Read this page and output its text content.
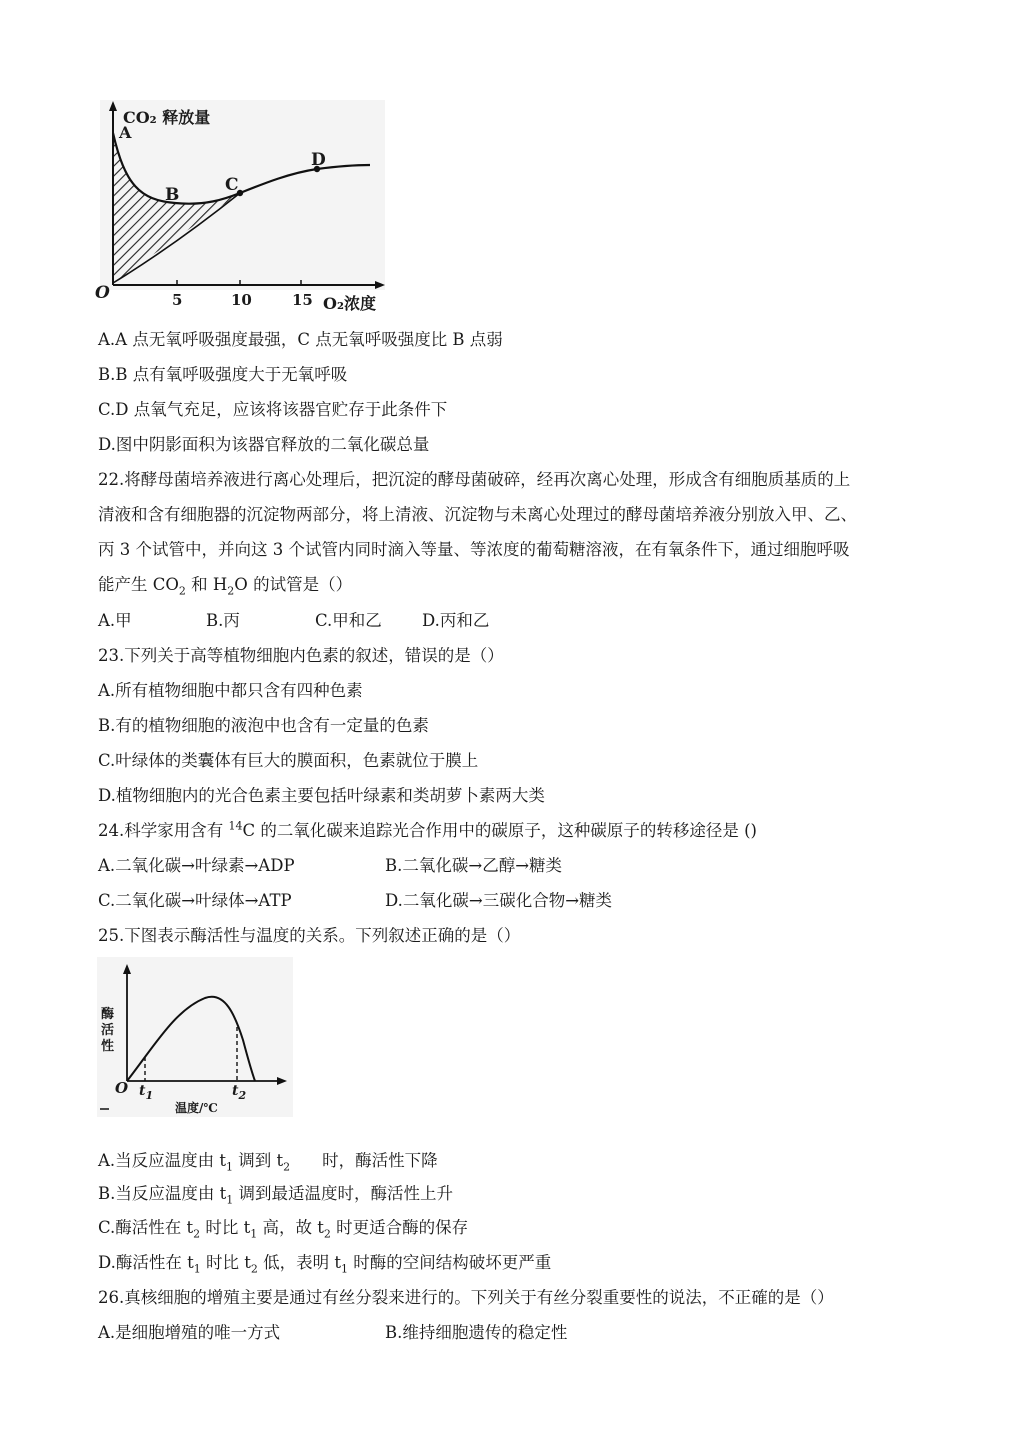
CO₂ 释放量
O₂浓度
O
A
B	C
D
5	10	15
A.A 点无氧呼吸强度最强，C 点无氧呼吸强度比 B 点弱
B.B 点有氧呼吸强度大于无氧呼吸
C.D 点氧气充足，应该将该器官贮存于此条件下
D.图中阴影面积为该器官释放的二氧化碳总量
22.将酵母菌培养液进行离心处理后，把沉淀的酵母菌破碎，经再次离心处理，形成含有细胞质基质的上
清液和含有细胞器的沉淀物两部分，将上清液、沉淀物与未离心处理过的酵母菌培养液分别放入甲、乙、
丙 3 个试管中，并向这 3 个试管内同时滴入等量、等浓度的葡萄糖溶液，在有氧条件下，通过细胞呼吸
能产生 $CO_2$ 和 $H_2O$ 的试管是（）
A.甲	B.丙	C.甲和乙 D.丙和乙
23.下列关于高等植物细胞内色素的叙述，错误的是（）
A.所有植物细胞中都只含有四种色素
B.有的植物细胞的液泡中也含有一定量的色素
C.叶绿体的类囊体有巨大的膜面积，色素就位于膜上
D.植物细胞内的光合色素主要包括叶绿素和类胡萝卜素两大类
24.科学家用含有 $^{14}$C 的二氧化碳来追踪光合作用中的碳原子，这种碳原子的转移途径是 ()
A.二氧化碳→叶绿素→ADP	B.二氧化碳→乙醇→糖类
C.二氧化碳→叶绿体→ATP	D.二氧化碳→三碳化合物→糖类
25.下图表示酶活性与温度的关系。下列叙述正确的是（）
酶活性
温度/℃
O $t_1$	$t_2$
A.当反应温度由 $t_1$ 调到 $t_2$ 时，酶活性下降
B.当反应温度由 $t_1$ 调到最适温度时，酶活性上升
C.酶活性在 $t_2$ 时比 $t_1$ 高，故 $t_2$ 时更适合酶的保存
D.酶活性在 $t_1$ 时比 $t_2$ 低，表明 $t_1$ 时酶的空间结构破坏更严重
26.真核细胞的增殖主要是通过有丝分裂来进行的。下列关于有丝分裂重要性的说法，不正確的是（）
A.是细胞增殖的唯一方式	B.维持细胞遗传的稳定性
